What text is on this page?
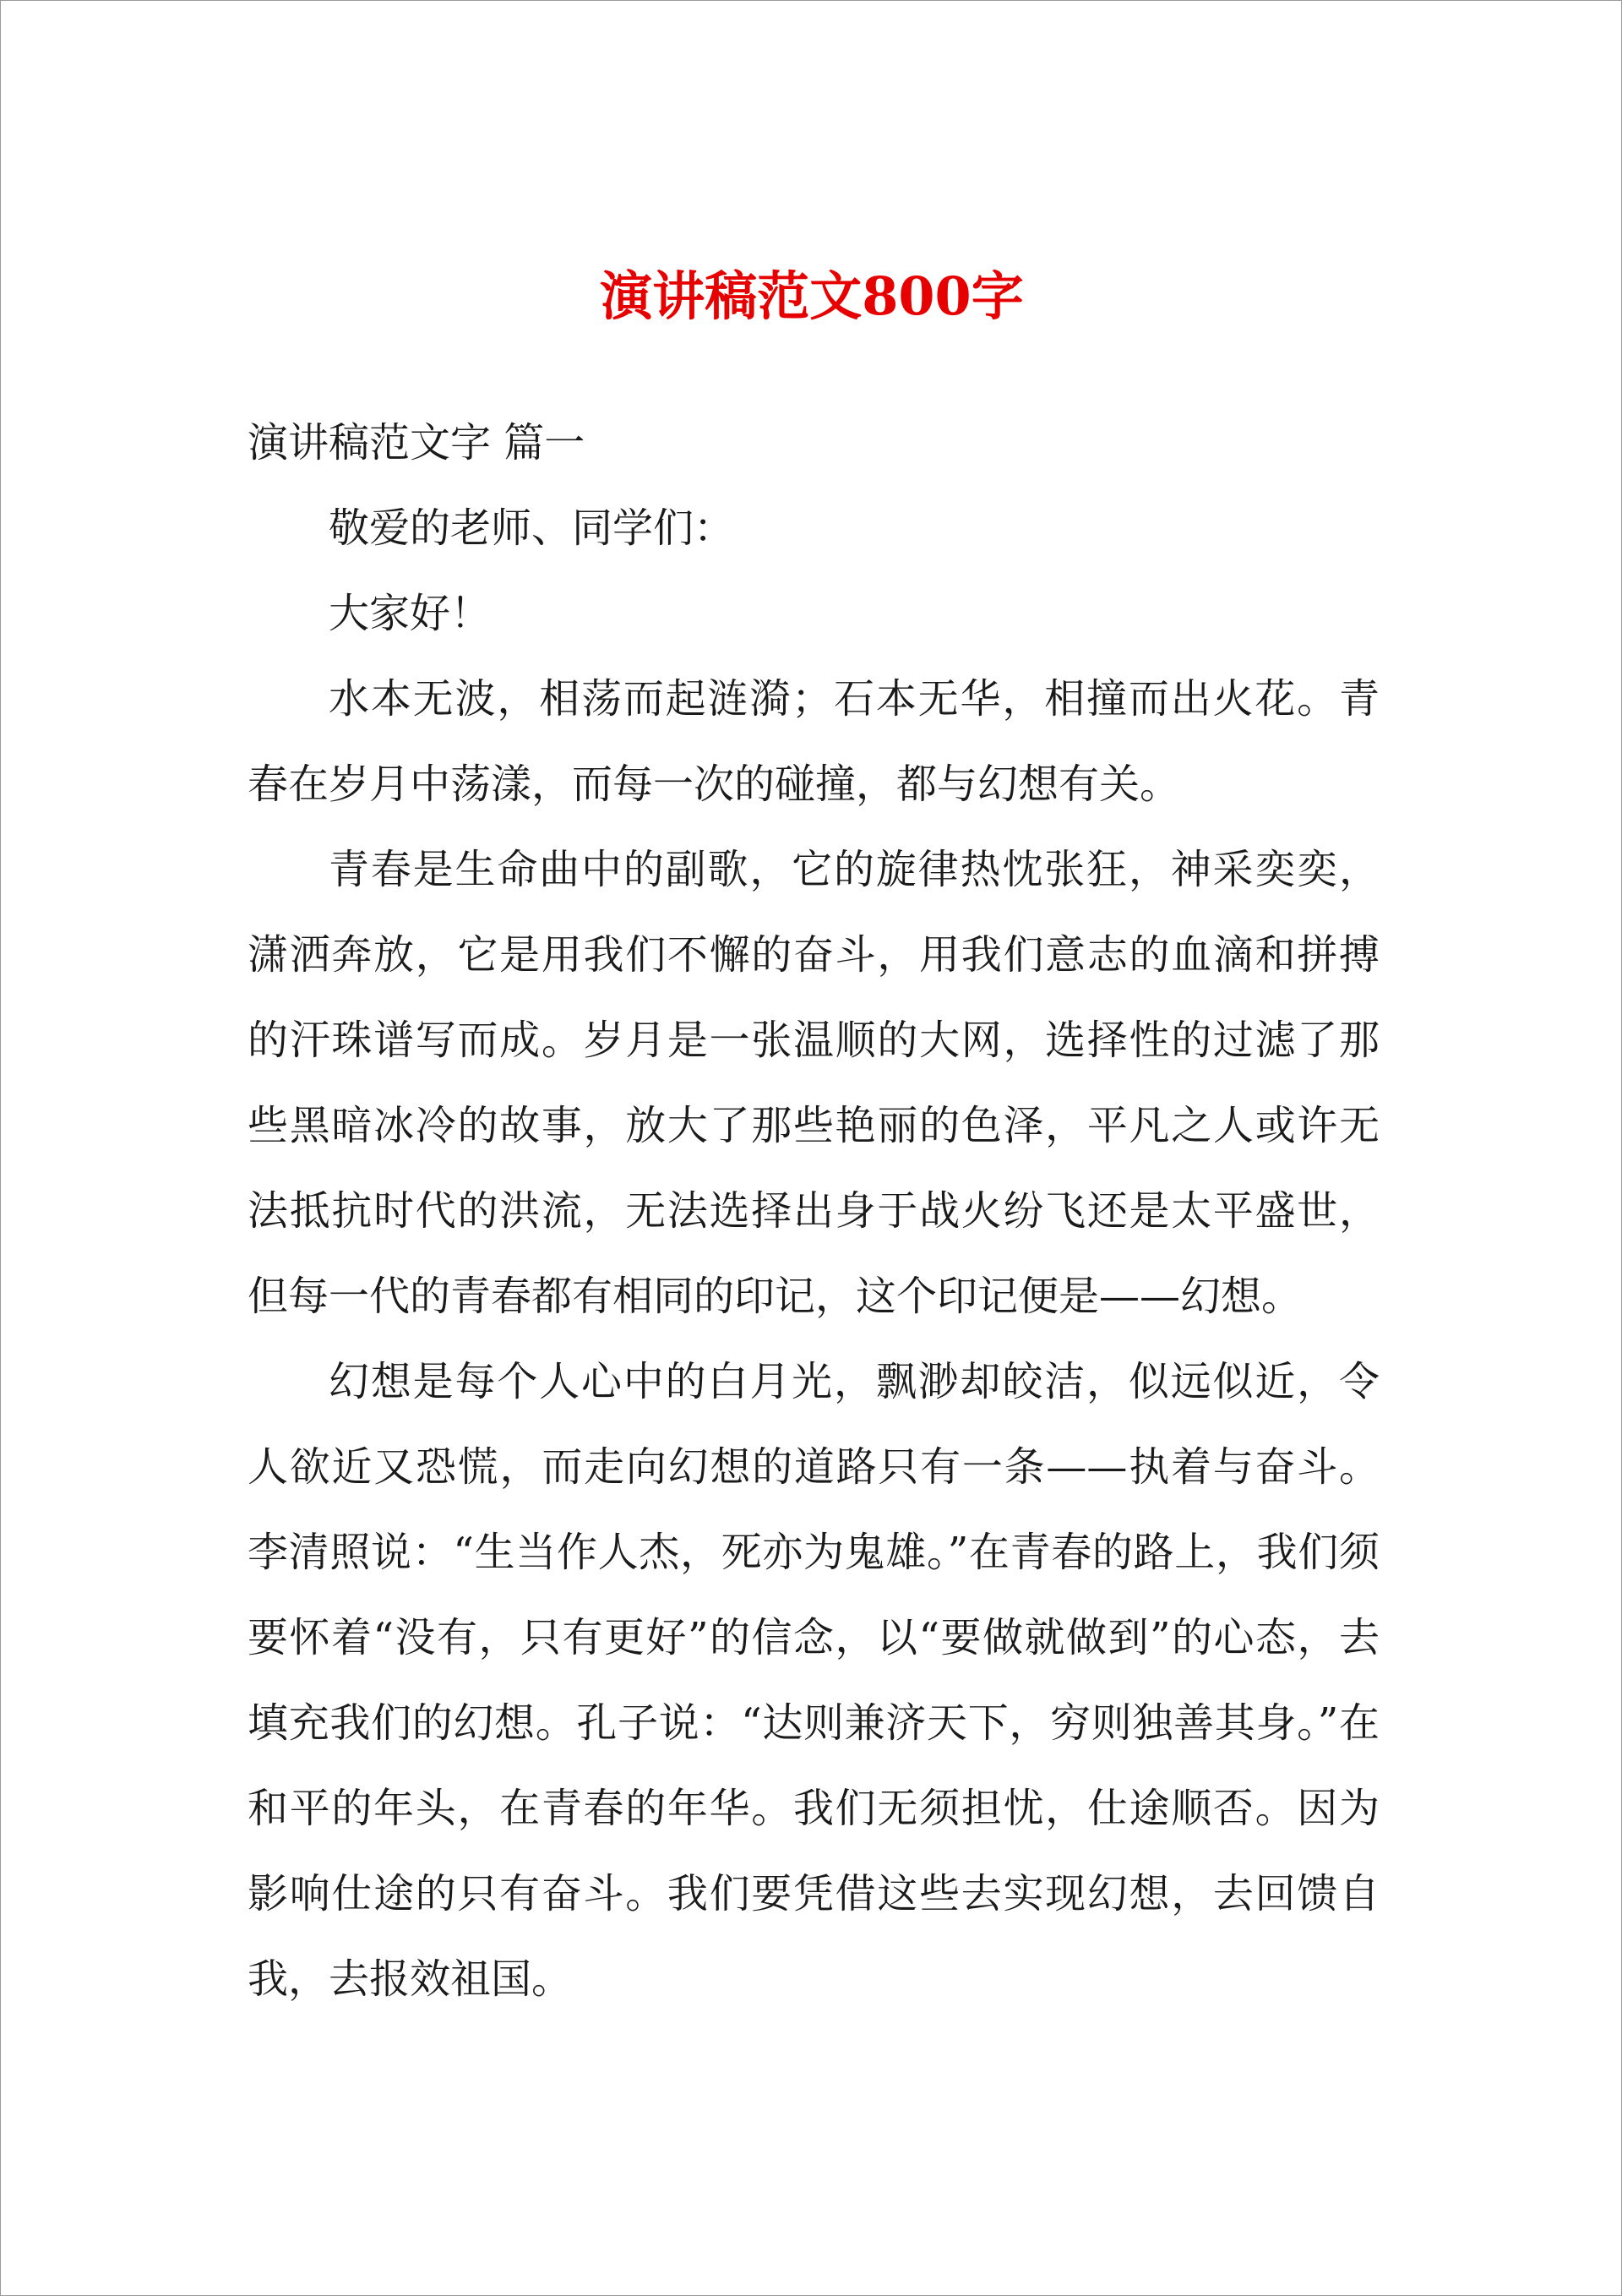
演讲稿范文800字

演讲稿范文字 篇一

敬爱的老师、同学们：

大家好！

水本无波，相荡而起涟漪；石本无华，相撞而出火花。青春在岁月中荡漾，而每一次的碰撞，都与幻想有关。

青春是生命曲中的副歌，它的旋律热忱张狂，神采奕奕，潇洒奔放，它是用我们不懈的奋斗，用我们意志的血滴和拼搏的汗珠谱写而成。岁月是一张温顺的大网，选择性的过滤了那些黑暗冰冷的故事，放大了那些艳丽的色泽，平凡之人或许无法抵抗时代的洪流，无法选择出身于战火纷飞还是太平盛世，但每一代的青春都有相同的印记，这个印记便是——幻想。

幻想是每个人心中的白月光，飘渺却皎洁，似远似近，令人欲近又恐慌，而走向幻想的道路只有一条——执着与奋斗。李清照说：“生当作人杰，死亦为鬼雄。”在青春的路上，我们须要怀着“没有，只有更好”的信念，以“要做就做到”的心态，去填充我们的幻想。孔子说：“达则兼济天下，穷则独善其身。”在和平的年头，在青春的年华。我们无须担忧，仕途顺否。因为影响仕途的只有奋斗。我们要凭借这些去实现幻想，去回馈自我，去报效祖国。
